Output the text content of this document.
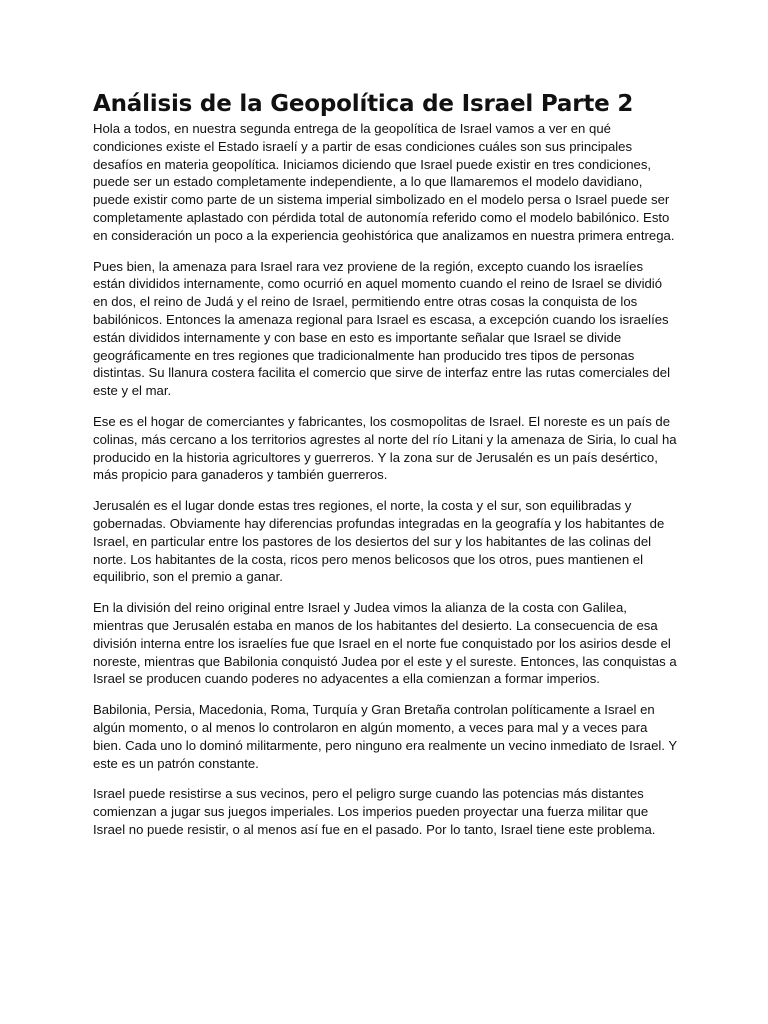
Análisis de la Geopolítica de Israel Parte 2

Hola a todos, en nuestra segunda entrega de la geopolítica de Israel vamos a ver en qué condiciones existe el Estado israelí y a partir de esas condiciones cuáles son sus principales desafíos en materia geopolítica. Iniciamos diciendo que Israel puede existir en tres condiciones, puede ser un estado completamente independiente, a lo que llamaremos el modelo davidiano, puede existir como parte de un sistema imperial simbolizado en el modelo persa o Israel puede ser completamente aplastado con pérdida total de autonomía referido como el modelo babilónico. Esto en consideración un poco a la experiencia geohistórica que analizamos en nuestra primera entrega.

Pues bien, la amenaza para Israel rara vez proviene de la región, excepto cuando los israelíes están divididos internamente, como ocurrió en aquel momento cuando el reino de Israel se dividió en dos, el reino de Judá y el reino de Israel, permitiendo entre otras cosas la conquista de los babilónicos. Entonces la amenaza regional para Israel es escasa, a excepción cuando los israelíes están divididos internamente y con base en esto es importante señalar que Israel se divide geográficamente en tres regiones que tradicionalmente han producido tres tipos de personas distintas. Su llanura costera facilita el comercio que sirve de interfaz entre las rutas comerciales del este y el mar.

Ese es el hogar de comerciantes y fabricantes, los cosmopolitas de Israel. El noreste es un país de colinas, más cercano a los territorios agrestes al norte del río Litani y la amenaza de Siria, lo cual ha producido en la historia agricultores y guerreros. Y la zona sur de Jerusalén es un país desértico, más propicio para ganaderos y también guerreros.

Jerusalén es el lugar donde estas tres regiones, el norte, la costa y el sur, son equilibradas y gobernadas. Obviamente hay diferencias profundas integradas en la geografía y los habitantes de Israel, en particular entre los pastores de los desiertos del sur y los habitantes de las colinas del norte. Los habitantes de la costa, ricos pero menos belicosos que los otros, pues mantienen el equilibrio, son el premio a ganar.

En la división del reino original entre Israel y Judea vimos la alianza de la costa con Galilea, mientras que Jerusalén estaba en manos de los habitantes del desierto. La consecuencia de esa división interna entre los israelíes fue que Israel en el norte fue conquistado por los asirios desde el noreste, mientras que Babilonia conquistó Judea por el este y el sureste. Entonces, las conquistas a Israel se producen cuando poderes no adyacentes a ella comienzan a formar imperios.

Babilonia, Persia, Macedonia, Roma, Turquía y Gran Bretaña controlan políticamente a Israel en algún momento, o al menos lo controlaron en algún momento, a veces para mal y a veces para bien. Cada uno lo dominó militarmente, pero ninguno era realmente un vecino inmediato de Israel. Y este es un patrón constante.

Israel puede resistirse a sus vecinos, pero el peligro surge cuando las potencias más distantes comienzan a jugar sus juegos imperiales. Los imperios pueden proyectar una fuerza militar que Israel no puede resistir, o al menos así fue en el pasado. Por lo tanto, Israel tiene este problema.
